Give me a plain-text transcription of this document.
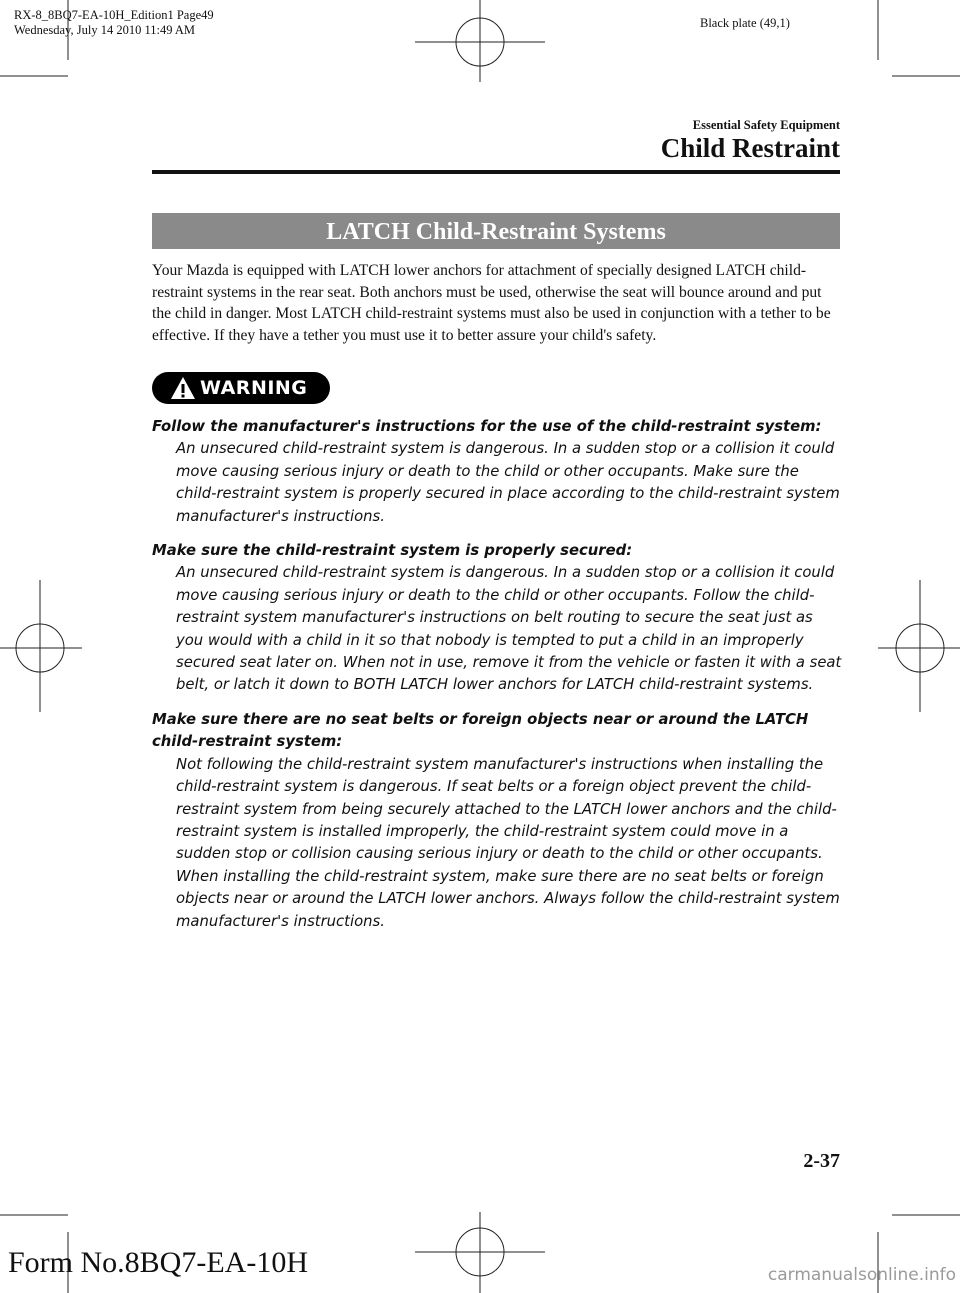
RX-8_8BQ7-EA-10H_Edition1 Page49
Wednesday, July 14 2010 11:49 AM	Black plate (49,1)
Essential Safety Equipment
Child Restraint
LATCH Child-Restraint Systems

Your Mazda is equipped with LATCH lower anchors for attachment of specially designed LATCH child-restraint systems in the rear seat. Both anchors must be used, otherwise the seat will bounce around and put the child in danger. Most LATCH child-restraint systems must also be used in conjunction with a tether to be effective. If they have a tether you must use it to better assure your child's safety.

WARNING

Follow the manufacturer's instructions for the use of the child-restraint system:

An unsecured child-restraint system is dangerous. In a sudden stop or a collision it could move causing serious injury or death to the child or other occupants. Make sure the child-restraint system is properly secured in place according to the child-restraint system manufacturer's instructions.

Make sure the child-restraint system is properly secured:

An unsecured child-restraint system is dangerous. In a sudden stop or a collision it could move causing serious injury or death to the child or other occupants. Follow the child-restraint system manufacturer's instructions on belt routing to secure the seat just as you would with a child in it so that nobody is tempted to put a child in an improperly secured seat later on. When not in use, remove it from the vehicle or fasten it with a seat belt, or latch it down to BOTH LATCH lower anchors for LATCH child-restraint systems.

Make sure there are no seat belts or foreign objects near or around the LATCH child-restraint system:

Not following the child-restraint system manufacturer's instructions when installing the child-restraint system is dangerous. If seat belts or a foreign object prevent the child-restraint system from being securely attached to the LATCH lower anchors and the child-restraint system is installed improperly, the child-restraint system could move in a sudden stop or collision causing serious injury or death to the child or other occupants. When installing the child-restraint system, make sure there are no seat belts or foreign objects near or around the LATCH lower anchors. Always follow the child-restraint system manufacturer's instructions.

2-37
Form No.8BQ7-EA-10H	carmanualsonline.info
